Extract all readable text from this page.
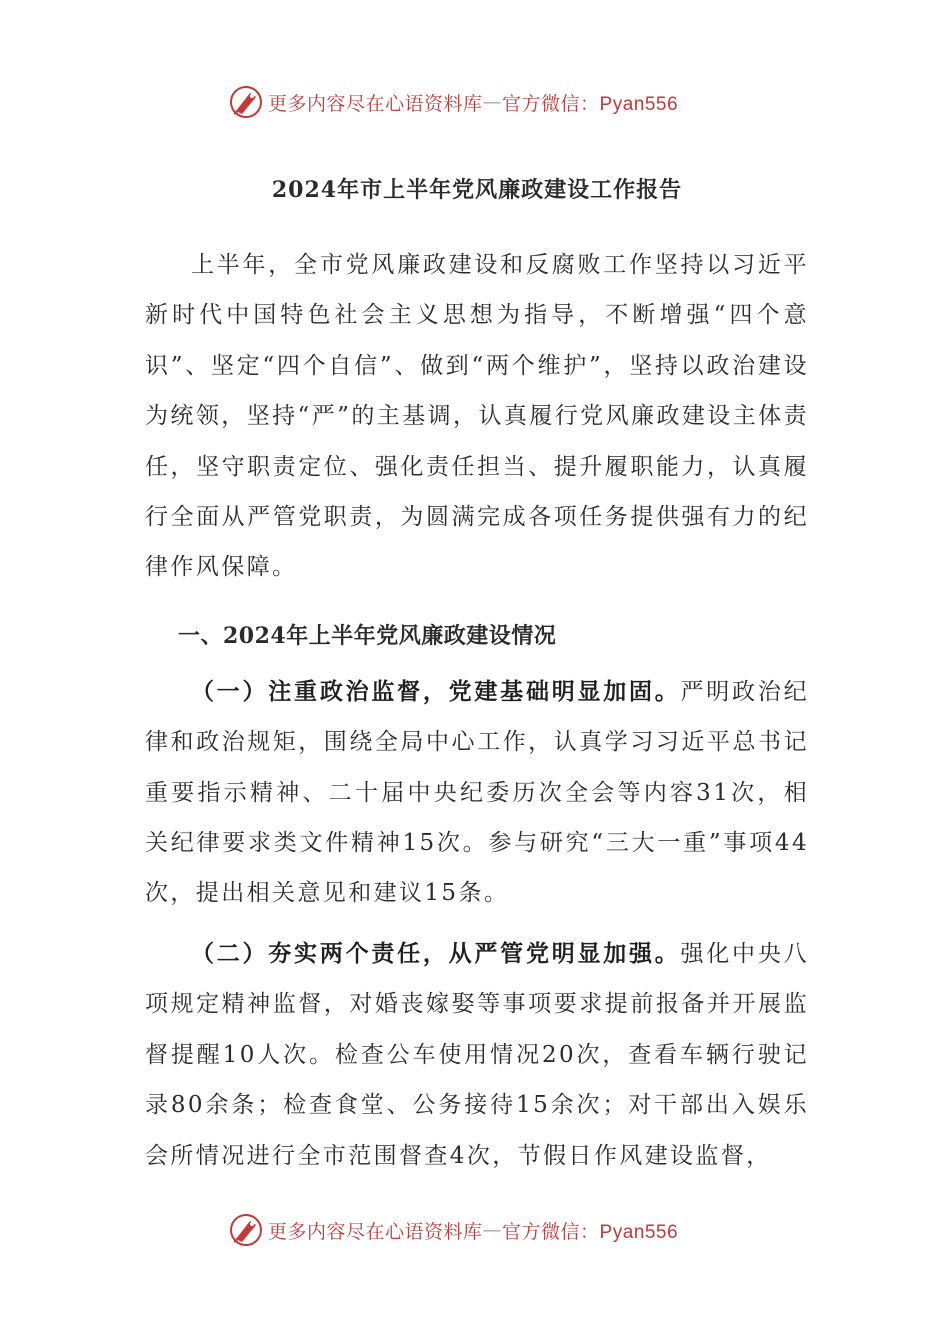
更多内容尽在心语资料库 — 官方微信：Pyan556
2024年市上半年党风廉政建设工作报告

上半年，全市党风廉政建设和反腐败工作坚持以习近平新时代中国特色社会主义思想为指导，不断增强“四个意识”、坚定“四个自信”、做到“两个维护”，坚持以政治建设为统领，坚持“严”的主基调，认真履行党风廉政建设主体责任，坚守职责定位、强化责任担当、提升履职能力，认真履行全面从严管党职责，为圆满完成各项任务提供强有力的纪律作风保障。

一、2024年上半年党风廉政建设情况

（一）注重政治监督，党建基础明显加固。严明政治纪律和政治规矩，围绕全局中心工作，认真学习习近平总书记重要指示精神、二十届中央纪委历次全会等内容31次，相关纪律要求类文件精神15次。参与研究“三大一重”事项44次，提出相关意见和建议15条。

（二）夯实两个责任，从严管党明显加强。强化中央八项规定精神监督，对婚丧嫁娶等事项要求提前报备并开展监督提醒10人次。检查公车使用情况20次，查看车辆行驶记录80余条；检查食堂、公务接待15余次；对干部出入娱乐会所情况进行全市范围督查4次，节假日作风建设监督，

更多内容尽在心语资料库 — 官方微信：Pyan556
